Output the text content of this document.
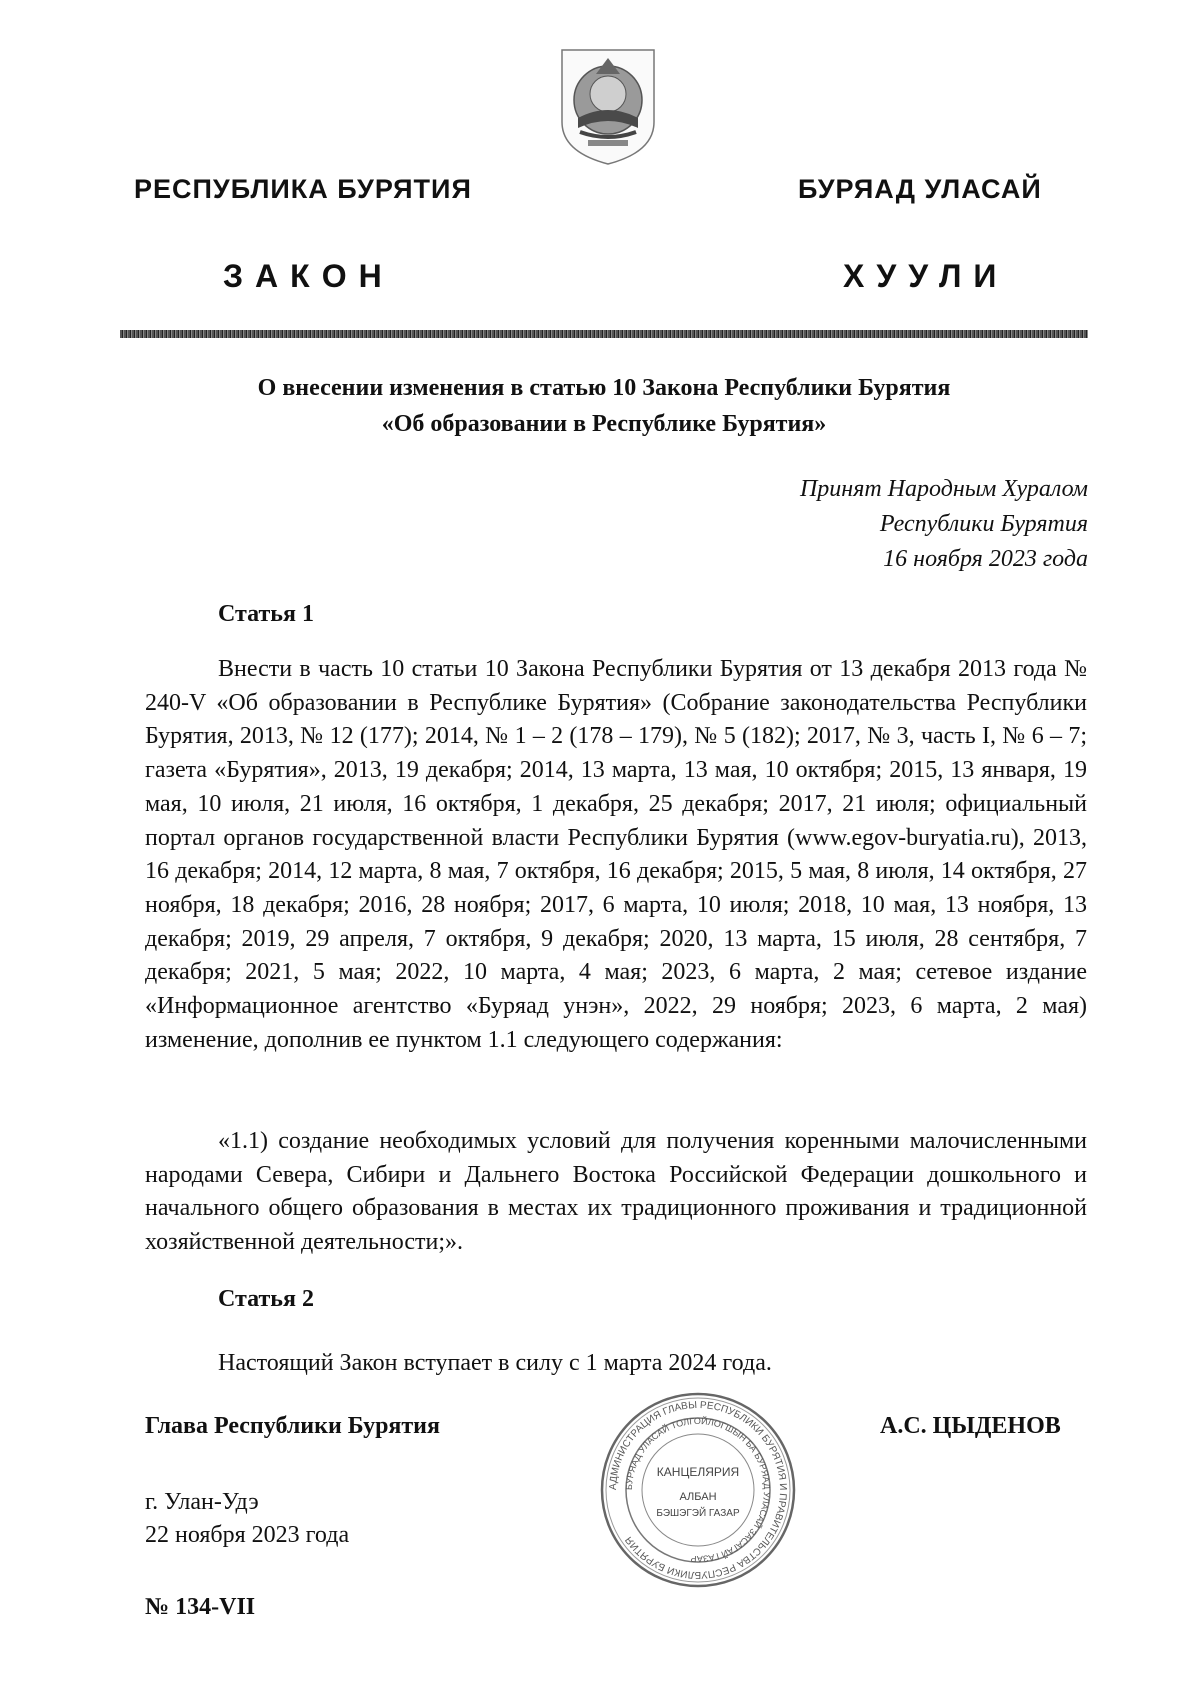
РЕСПУБЛИКА БУРЯТИЯ	БУРЯАД УЛАСАЙ
ЗАКОН	ХУУЛИ
О внесении изменения в статью 10 Закона Республики Бурятия
«Об образовании в Республике Бурятия»
Принят Народным Хуралом
Республики Бурятия
16 ноября 2023 года
Статья 1
Внести в часть 10 статьи 10 Закона Республики Бурятия от 13 декабря 2013 года № 240-V «Об образовании в Республике Бурятия» (Собрание законодательства Республики Бурятия, 2013, № 12 (177); 2014, № 1 – 2 (178 – 179), № 5 (182); 2017, № 3, часть I, № 6 – 7; газета «Бурятия», 2013, 19 декабря; 2014, 13 марта, 13 мая, 10 октября; 2015, 13 января, 19 мая, 10 июля, 21 июля, 16 октября, 1 декабря, 25 декабря; 2017, 21 июля; официальный портал органов государственной власти Республики Бурятия (www.egov-buryatia.ru), 2013, 16 декабря; 2014, 12 марта, 8 мая, 7 октября, 16 декабря; 2015, 5 мая, 8 июля, 14 октября, 27 ноября, 18 декабря; 2016, 28 ноября; 2017, 6 марта, 10 июля; 2018, 10 мая, 13 ноября, 13 декабря; 2019, 29 апреля, 7 октября, 9 декабря; 2020, 13 марта, 15 июля, 28 сентября, 7 декабря; 2021, 5 мая; 2022, 10 марта, 4 мая; 2023, 6 марта, 2 мая; сетевое издание «Информационное агентство «Буряад унэн», 2022, 29 ноября; 2023, 6 марта, 2 мая) изменение, дополнив ее пунктом 1.1 следующего содержания:
«1.1) создание необходимых условий для получения коренными малочисленными народами Севера, Сибири и Дальнего Востока Российской Федерации дошкольного и начального общего образования в местах их традиционного проживания и традиционной хозяйственной деятельности;».
Статья 2
Настоящий Закон вступает в силу с 1 марта 2024 года.
Глава Республики Бурятия	А.С. ЦЫДЕНОВ
г. Улан-Удэ
22 ноября 2023 года
№ 134-VII
АДМИНИСТРАЦИЯ ГЛАВЫ РЕСПУБЛИКИ БУРЯТИЯ И ПРАВИТЕЛЬСТВА РЕСПУБЛИКИ БУРЯТИЯ
БУРЯАД УЛАСАЙ ТОЛГОЙЛОГШЫН БА БУРЯАД УЛАСАЙ ЗАСАГАЙ ГАЗАР
КАНЦЕЛЯРИЯ
АЛБАН
БЭШЭГЭЙ ГАЗАР
